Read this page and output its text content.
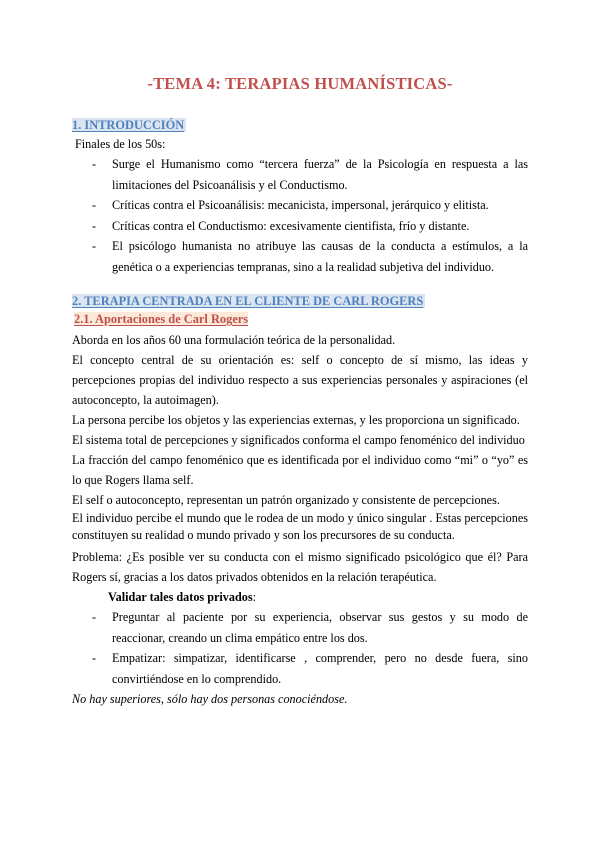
-TEMA 4: TERAPIAS HUMANÍSTICAS-
1. INTRODUCCIÓN

Finales de los 50s:

- Surge el Humanismo como “tercera fuerza” de la Psicología en respuesta a las limitaciones del Psicoanálisis y el Conductismo.
- Críticas contra el Psicoanálisis: mecanicista, impersonal, jerárquico y elitista.
- Críticas contra el Conductismo: excesivamente cientifista, frío y distante.
- El psicólogo humanista no atribuye las causas de la conducta a estímulos, a la genética o a experiencias tempranas, sino a la realidad subjetiva del individuo.
2. TERAPIA CENTRADA EN EL CLIENTE DE CARL ROGERS
2.1. Aportaciones de Carl Rogers

Aborda en los años 60 una formulación teórica de la personalidad.

El concepto central de su orientación es: self o concepto de sí mismo, las ideas y percepciones propias del individuo respecto a sus experiencias personales y aspiraciones (el autoconcepto, la autoimagen).

La persona percibe los objetos y las experiencias externas, y les proporciona un significado.

El sistema total de percepciones y significados conforma el campo fenoménico del individuo

La fracción del campo fenoménico que es identificada por el individuo como “mi” o “yo” es lo que Rogers llama self.

El self o autoconcepto, representan un patrón organizado y consistente de percepciones.

El individuo percibe el mundo que le rodea de un modo y único singular . Estas percepciones constituyen su realidad o mundo privado y son los precursores de su conducta.

Problema: ¿Es posible ver su conducta con el mismo significado psicológico que él? Para Rogers sí, gracias a los datos privados obtenidos en la relación terapéutica.

Validar tales datos privados:
- Preguntar al paciente por su experiencia, observar sus gestos y su modo de reaccionar, creando un clima empático entre los dos.
- Empatizar: simpatizar, identificarse , comprender, pero no desde fuera, sino convirtiéndose en lo comprendido.

No hay superiores, sólo hay dos personas conociéndose.
